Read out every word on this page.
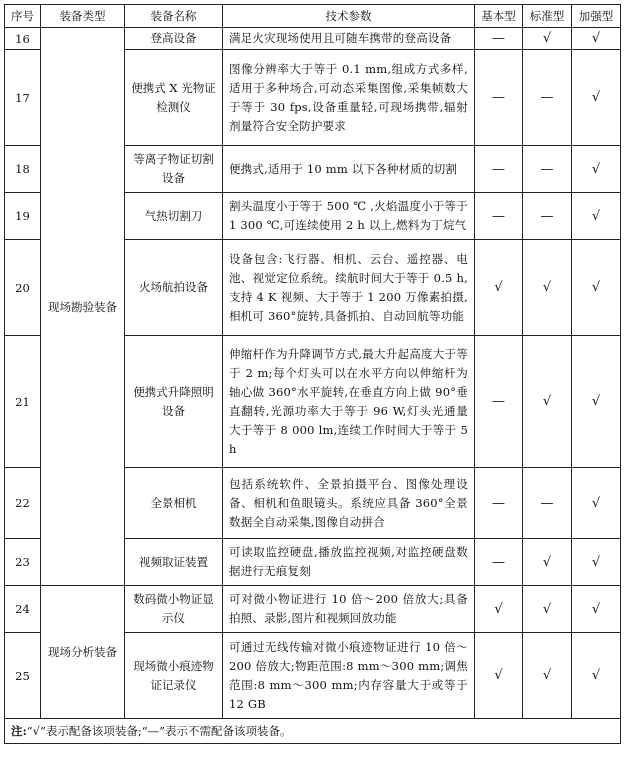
序号	装备类型	装备名称	技术参数	基本型	标准型	加强型
16	现场勘验装备	登高设备	满足火灾现场使用且可随车携带的登高设备	—	√	√
17		便携式 X 光物证检测仪	图像分辨率大于等于 0.1 mm,组成方式多样,适用于多种场合,可动态采集图像,采集帧数大于等于 30 fps,设备重量轻,可现场携带,辐射剂量符合安全防护要求	—	—	√
18		等离子物证切割设备	便携式,适用于 10 mm 以下各种材质的切割	—	—	√
19		气热切割刀	割头温度小于等于 500 ℃ ,火焰温度小于等于 1 300 ℃,可连续使用 2 h 以上,燃料为丁烷气	—	—	√
20		火场航拍设备	设备包含:飞行器、相机、云台、遥控器、电池、视觉定位系统。续航时间大于等于 0.5 h,支持 4 K 视频、大于等于 1 200 万像素拍摄,相机可 360°旋转,具备抓拍、自动回航等功能	√	√	√
21		便携式升降照明设备	伸缩杆作为升降调节方式,最大升起高度大于等于 2 m;每个灯头可以在水平方向以伸缩杆为轴心做 360°水平旋转,在垂直方向上做 90°垂直翻转,光源功率大于等于 96 W,灯头光通量大于等于 8 000 lm,连续工作时间大于等于 5 h	—	√	√
22		全景相机	包括系统软件、全景拍摄平台、图像处理设备、相机和鱼眼镜头。系统应具备 360°全景数据全自动采集,图像自动拼合	—	—	√
23		视频取证装置	可读取监控硬盘,播放监控视频,对监控硬盘数据进行无痕复刻	—	√	√
24	现场分析装备	数码微小物证显示仪	可对微小物证进行 10 倍～200 倍放大;具备拍照、录影,图片和视频回放功能	√	√	√
25		现场微小痕迹物证记录仪	可通过无线传输对微小痕迹物证进行 10 倍～200 倍放大;物距范围:8 mm～300 mm;调焦范围:8 mm～300 mm;内存容量大于或等于 12 GB	√	√	√
注:“√”表示配备该项装备;“—”表示不需配备该项装备。						
